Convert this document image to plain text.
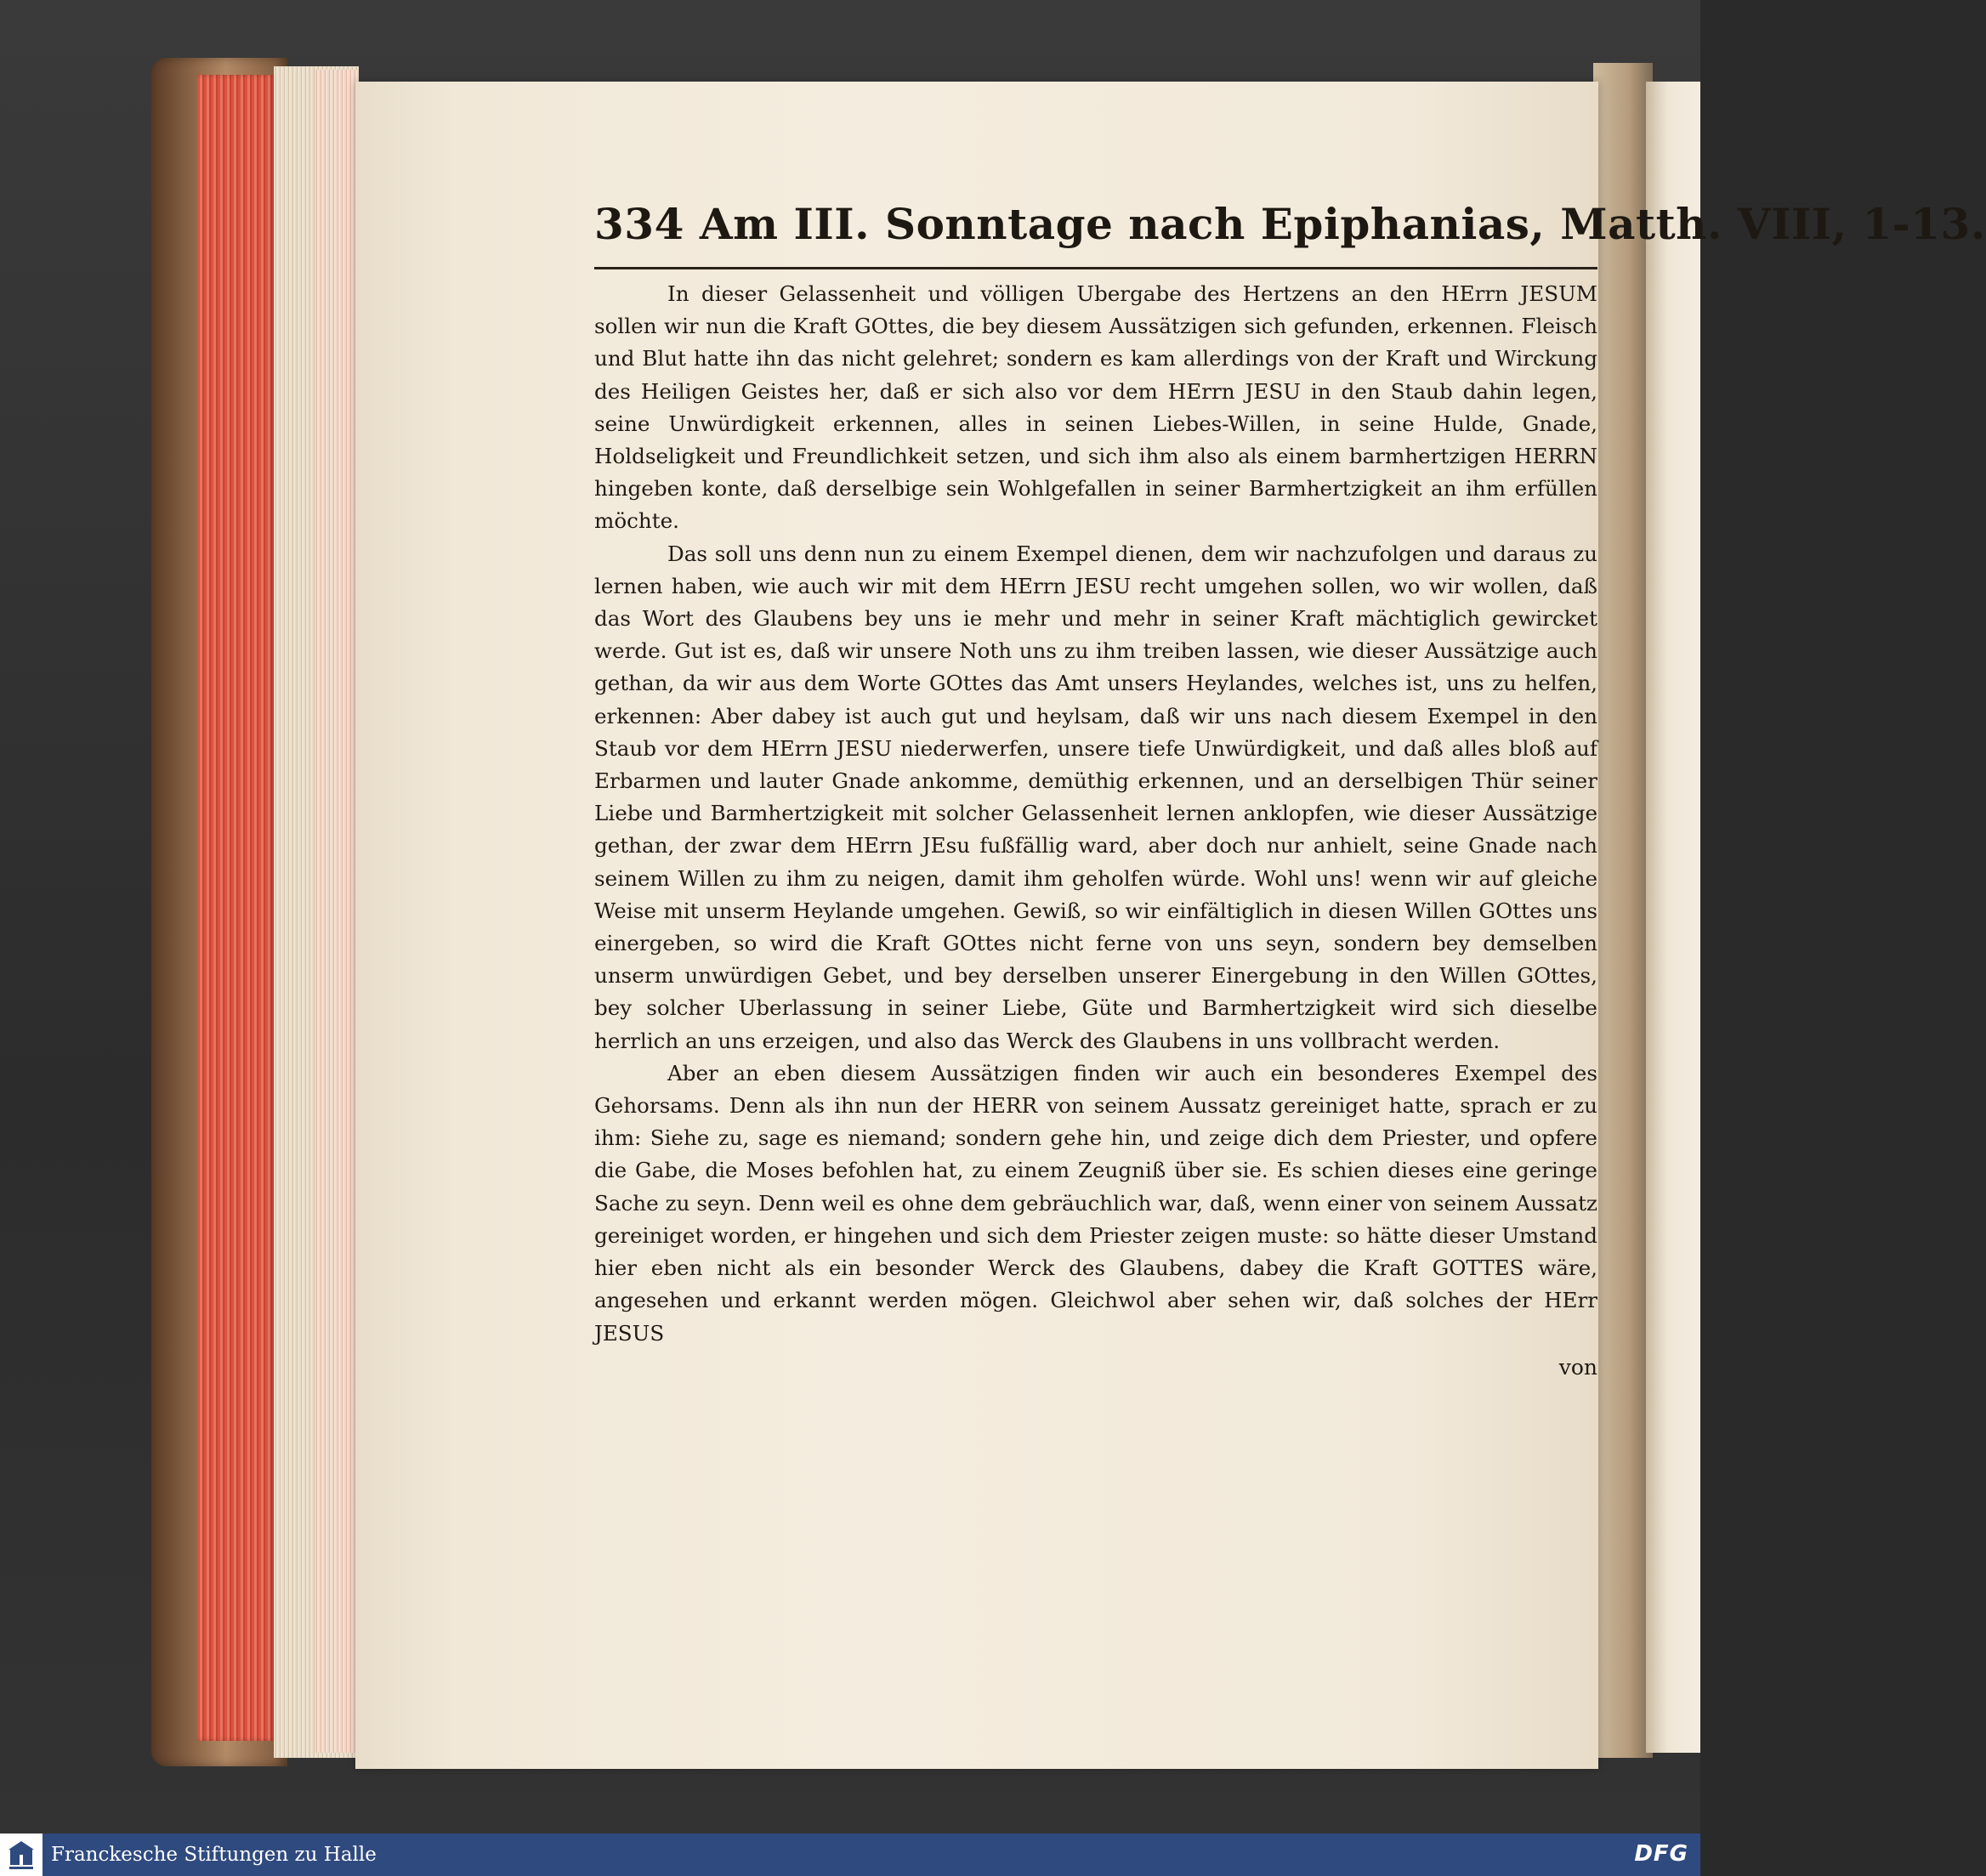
334 Am III. Sonntage nach Epiphanias, Matth. VIII, 1-13.

In dieser Gelassenheit und völligen Ubergabe des Hertzens an den HErrn JESUM sollen wir nun die Kraft GOttes, die bey diesem Aussätzigen sich gefunden, erkennen. Fleisch und Blut hatte ihn das nicht gelehret; sondern es kam allerdings von der Kraft und Wirckung des Heiligen Geistes her, daß er sich also vor dem HErrn JESU in den Staub dahin legen, seine Unwürdigkeit erkennen, alles in seinen Liebes-Willen, in seine Hulde, Gnade, Holdseligkeit und Freundlichkeit setzen, und sich ihm also als einem barmhertzigen HERRN hingeben konte, daß derselbige sein Wohlgefallen in seiner Barmhertzigkeit an ihm erfüllen möchte.

Das soll uns denn nun zu einem Exempel dienen, dem wir nachzufolgen und daraus zu lernen haben, wie auch wir mit dem HErrn JESU recht umgehen sollen, wo wir wollen, daß das Wort des Glaubens bey uns ie mehr und mehr in seiner Kraft mächtiglich gewircket werde. Gut ist es, daß wir unsere Noth uns zu ihm treiben lassen, wie dieser Aussätzige auch gethan, da wir aus dem Worte GOttes das Amt unsers Heylandes, welches ist, uns zu helfen, erkennen: Aber dabey ist auch gut und heylsam, daß wir uns nach diesem Exempel in den Staub vor dem HErrn JESU niederwerfen, unsere tiefe Unwürdigkeit, und daß alles bloß auf Erbarmen und lauter Gnade ankomme, demüthig erkennen, und an derselbigen Thür seiner Liebe und Barmhertzigkeit mit solcher Gelassenheit lernen anklopfen, wie dieser Aussätzige gethan, der zwar dem HErrn JEsu fußfällig ward, aber doch nur anhielt, seine Gnade nach seinem Willen zu ihm zu neigen, damit ihm geholfen würde. Wohl uns! wenn wir auf gleiche Weise mit unserm Heylande umgehen. Gewiß, so wir einfältiglich in diesen Willen GOttes uns einergeben, so wird die Kraft GOttes nicht ferne von uns seyn, sondern bey demselben unserm unwürdigen Gebet, und bey derselben unserer Einergebung in den Willen GOttes, bey solcher Uberlassung in seiner Liebe, Güte und Barmhertzigkeit wird sich dieselbe herrlich an uns erzeigen, und also das Werck des Glaubens in uns vollbracht werden.

Aber an eben diesem Aussätzigen finden wir auch ein besonderes Exempel des Gehorsams. Denn als ihn nun der HERR von seinem Aussatz gereiniget hatte, sprach er zu ihm: Siehe zu, sage es niemand; sondern gehe hin, und zeige dich dem Priester, und opfere die Gabe, die Moses befohlen hat, zu einem Zeugniß über sie. Es schien dieses eine geringe Sache zu seyn. Denn weil es ohne dem gebräuchlich war, daß, wenn einer von seinem Aussatz gereiniget worden, er hingehen und sich dem Priester zeigen muste: so hätte dieser Umstand hier eben nicht als ein besonder Werck des Glaubens, dabey die Kraft GOTTES wäre, angesehen und erkannt werden mögen. Gleichwol aber sehen wir, daß solches der HErr JESUS

von
Franckesche Stiftungen zu Halle	DFG
